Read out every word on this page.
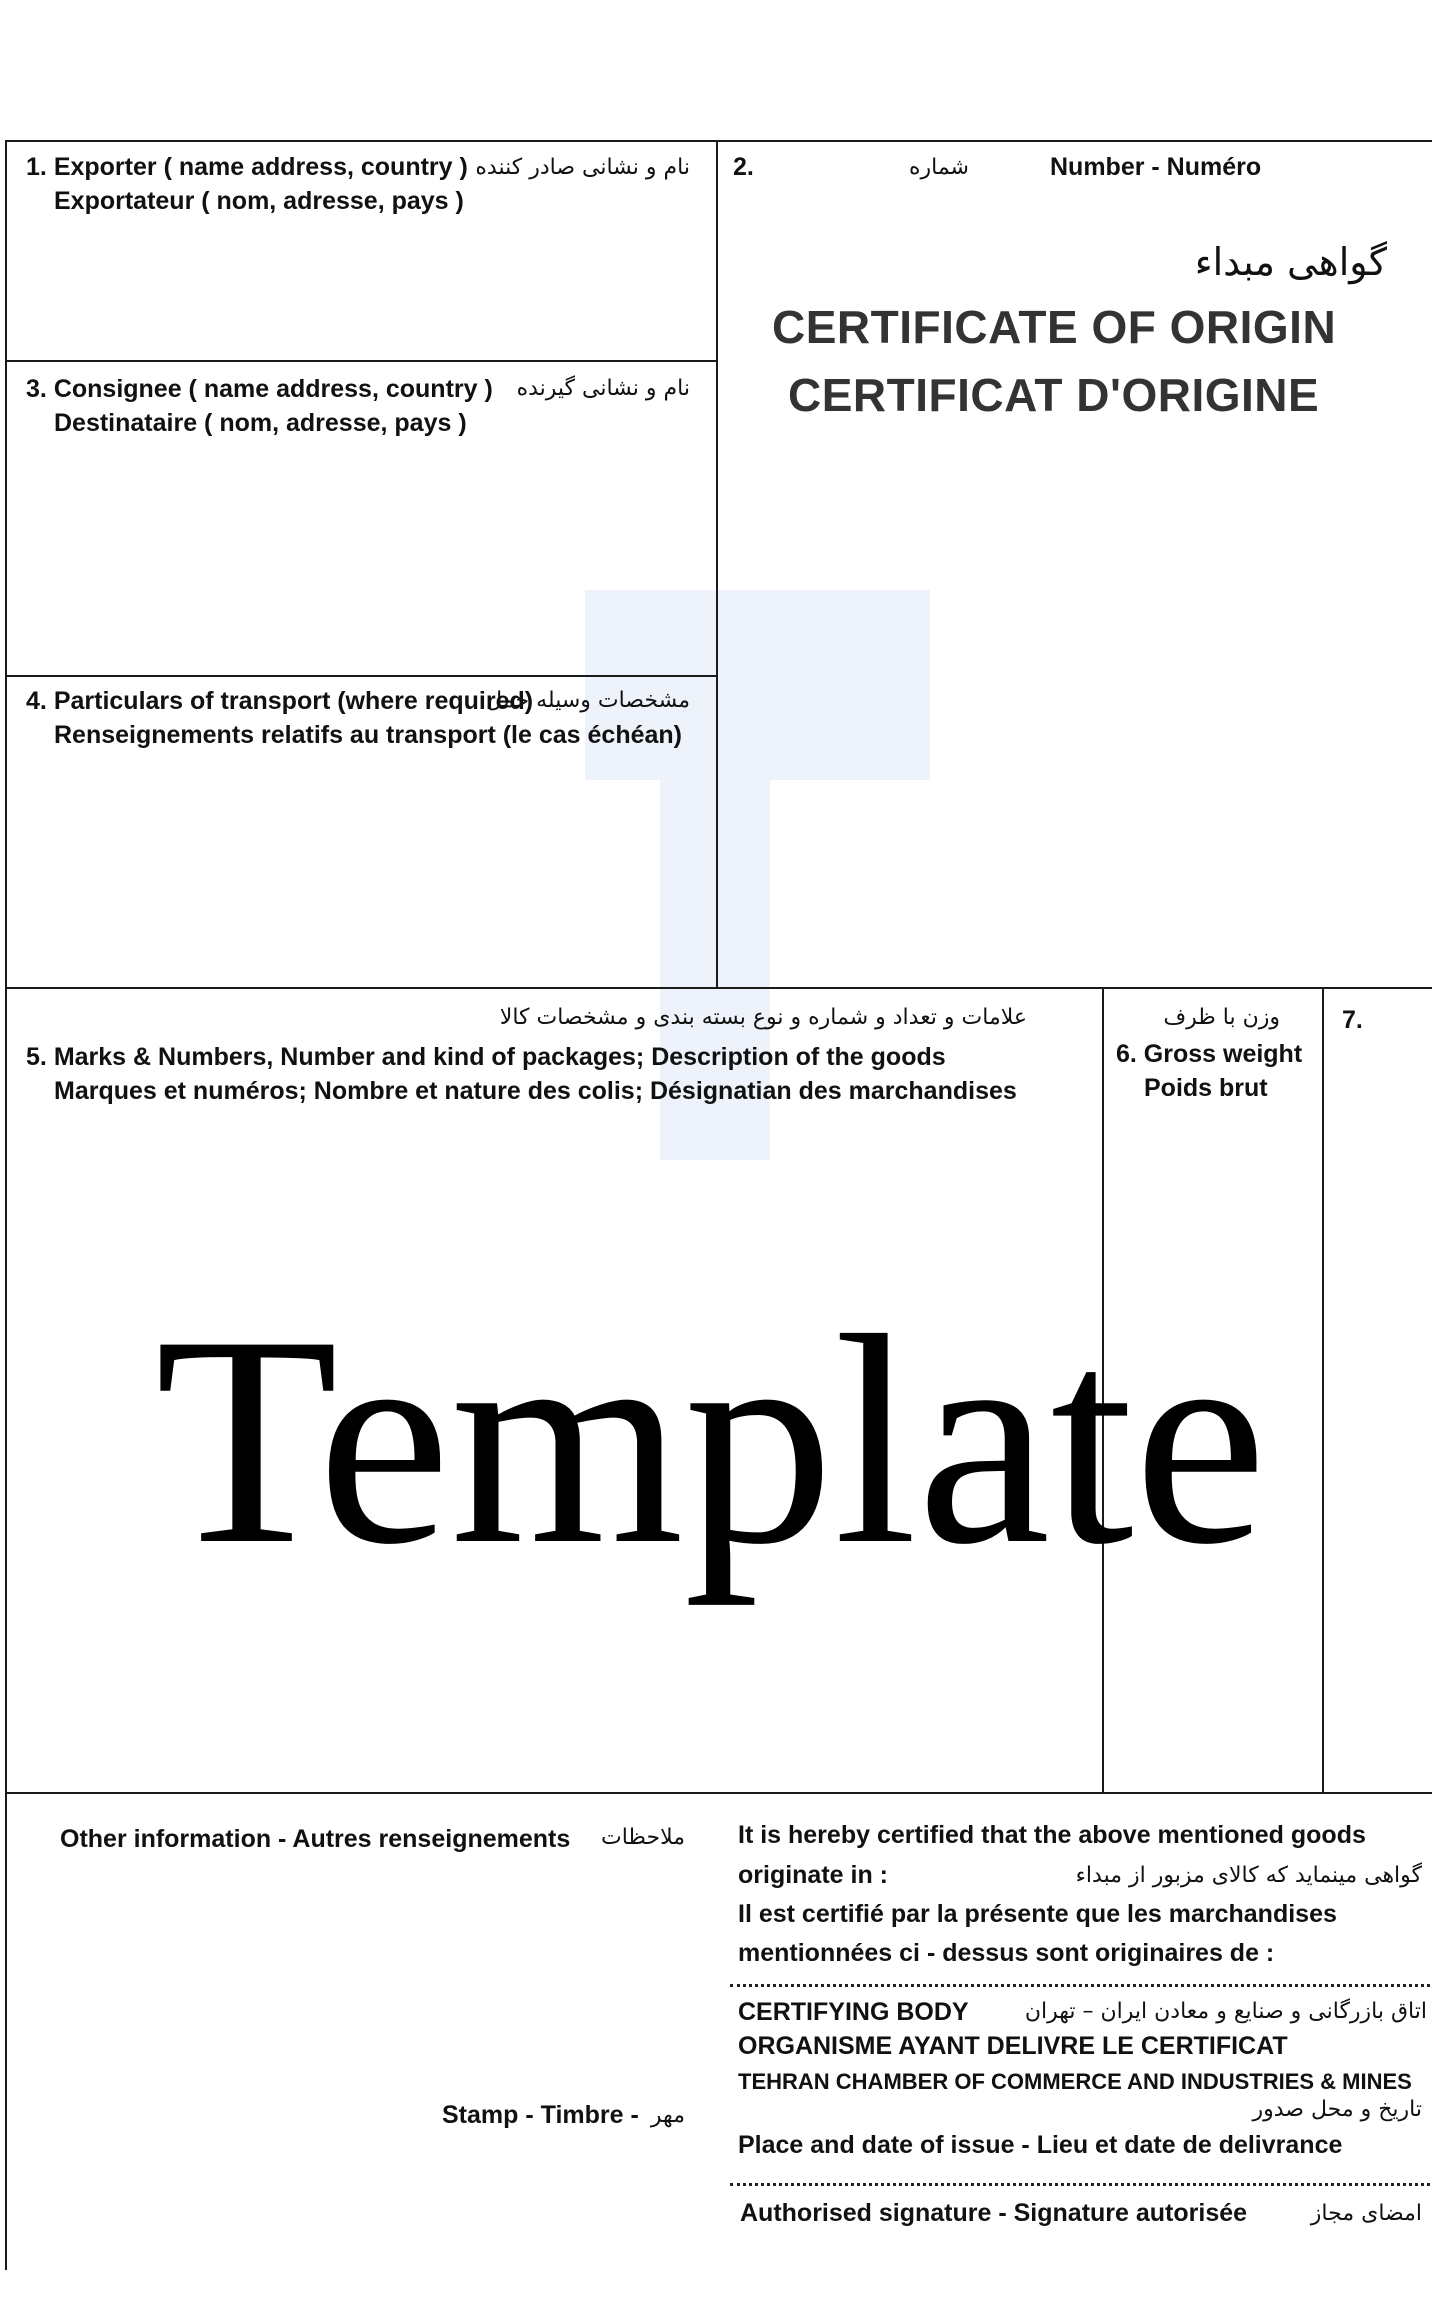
1. Exporter ( name address, country )
Exportateur ( nom, adresse, pays )
نام و نشانی صادر کننده 2.	شماره	Number - Numéro
گواهی مبداء
CERTIFICATE OF ORIGIN
CERTIFICAT D'ORIGINE
3. Consignee ( name address, country )
Destinataire ( nom, adresse, pays )
نام و نشانی گیرنده
4. Particulars of transport (where required)
مشخصات وسیله حمل
Renseignements relatifs au transport (le cas échéan)
علامات و تعداد و شماره و نوع بسته بندی و مشخصات کالا
5. Marks & Numbers, Number and kind of packages; Description of the goods
Marques et numéros; Nombre et nature des colis; Désignatian des marchandises
وزن با ظرف
6. Gross weight
Poids brut
7.
Template
Other information - Autres renseignements ملاحظات
Stamp - Timbre - مهر
It is hereby certified that the above mentioned goods
originate in :	گواهی مینماید که کالای مزبور از مبداء
Il est certifié par la présente que les marchandises
mentionnées ci - dessus sont originaires de :
CERTIFYING BODY	اتاق بازرگانی و صنایع و معادن ایران – تهران
ORGANISME AYANT DELIVRE LE CERTIFICAT
TEHRAN CHAMBER OF COMMERCE AND INDUSTRIES & MINES
تاریخ و محل صدور
Place and date of issue - Lieu et date de delivrance
Authorised signature - Signature autorisée	امضای مجاز
